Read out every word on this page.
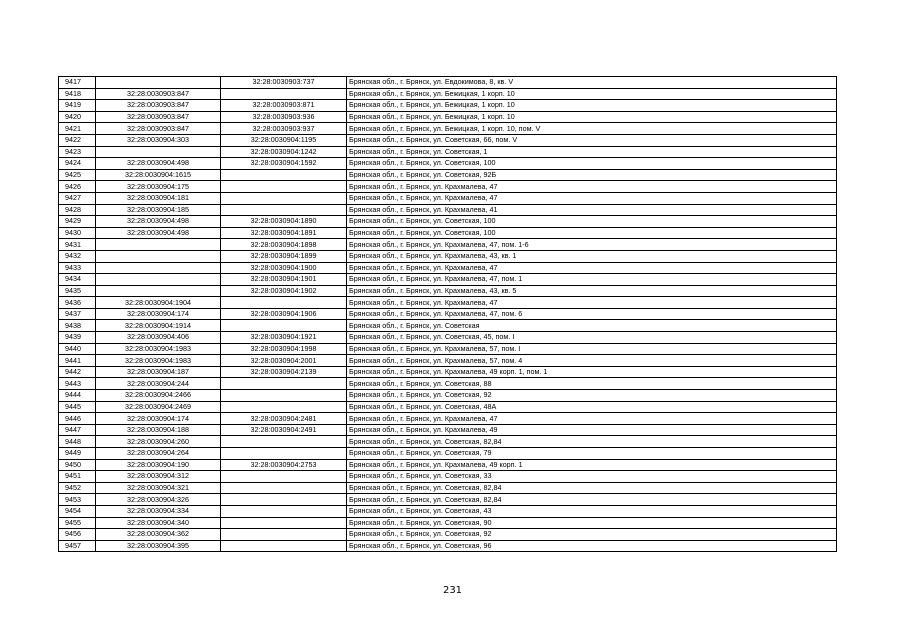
9417		32:28:0030903:737	Брянская обл., г. Брянск, ул. Евдокимова, 8, кв. V
9418	32:28:0030903:847		Брянская обл., г. Брянск, ул. Бежицкая, 1 корп. 10
9419	32:28:0030903:847	32:28:0030903:871	Брянская обл., г. Брянск, ул. Бежицкая, 1 корп. 10
9420	32:28:0030903:847	32:28:0030903:936	Брянская обл., г. Брянск, ул. Бежицкая, 1 корп. 10
9421	32:28:0030903:847	32:28:0030903:937	Брянская обл., г. Брянск, ул. Бежицкая, 1 корп. 10, пом. V
9422	32:28:0030904:303	32:28:0030904:1195	Брянская обл., г. Брянск, ул. Советская, 66, пом. V
9423		32:28:0030904:1242	Брянская обл., г. Брянск, ул. Советская, 1
9424	32:28:0030904:498	32:28:0030904:1592	Брянская обл., г. Брянск, ул. Советская, 100
9425	32:28:0030904:1615		Брянская обл., г. Брянск, ул. Советская, 92Б
9426	32:28:0030904:175		Брянская обл., г. Брянск, ул. Крахмалева, 47
9427	32:28:0030904:181		Брянская обл., г. Брянск, ул. Крахмалева, 47
9428	32:28:0030904:185		Брянская обл., г. Брянск, ул. Крахмалева, 41
9429	32:28:0030904:498	32:28:0030904:1890	Брянская обл., г. Брянск, ул. Советская, 100
9430	32:28:0030904:498	32:28:0030904:1891	Брянская обл., г. Брянск, ул. Советская, 100
9431		32:28:0030904:1898	Брянская обл., г. Брянск, ул. Крахмалева, 47, пом. 1-6
9432		32:28:0030904:1899	Брянская обл., г. Брянск, ул. Крахмалева, 43, кв. 1
9433		32:28:0030904:1900	Брянская обл., г. Брянск, ул. Крахмалева, 47
9434		32:28:0030904:1901	Брянская обл., г. Брянск, ул. Крахмалева, 47, пом. 1
9435		32:28:0030904:1902	Брянская обл., г. Брянск, ул. Крахмалева, 43, кв. 5
9436	32:28:0030904:1904		Брянская обл., г. Брянск, ул. Крахмалева, 47
9437	32:28:0030904:174	32:28:0030904:1906	Брянская обл., г. Брянск, ул. Крахмалева, 47, пом. 6
9438	32:28:0030904:1914		Брянская обл., г. Брянск, ул. Советская
9439	32:28:0030904:406	32:28:0030904:1921	Брянская обл., г. Брянск, ул. Советская, 45, пом. I
9440	32:28:0030904:1983	32:28:0030904:1998	Брянская обл., г. Брянск, ул. Крахмалева, 57, пом. I
9441	32:28:0030904:1983	32:28:0030904:2001	Брянская обл., г. Брянск, ул. Крахмалева, 57, пом. 4
9442	32:28:0030904:187	32:28:0030904:2139	Брянская обл., г. Брянск, ул. Крахмалева, 49 корп. 1, пом. 1
9443	32:28:0030904:244		Брянская обл., г. Брянск, ул. Советская, 88
9444	32:28:0030904:2466		Брянская обл., г. Брянск, ул. Советская, 92
9445	32:28:0030904:2469		Брянская обл., г. Брянск, ул. Советская, 48А
9446	32:28:0030904:174	32:28:0030904:2481	Брянская обл., г. Брянск, ул. Крахмалева, 47
9447	32:28:0030904:188	32:28:0030904:2491	Брянская обл., г. Брянск, ул. Крахмалева, 49
9448	32:28:0030904:260		Брянская обл., г. Брянск, ул. Советская, 82,84
9449	32:28:0030904:264		Брянская обл., г. Брянск, ул. Советская, 79
9450	32:28:0030904:190	32:28:0030904:2753	Брянская обл., г. Брянск, ул. Крахмалева, 49 корп. 1
9451	32:28:0030904:312		Брянская обл., г. Брянск, ул. Советская, 33
9452	32:28:0030904:321		Брянская обл., г. Брянск, ул. Советская, 82,84
9453	32:28:0030904:326		Брянская обл., г. Брянск, ул. Советская, 82,84
9454	32:28:0030904:334		Брянская обл., г. Брянск, ул. Советская, 43
9455	32:28:0030904:340		Брянская обл., г. Брянск, ул. Советская, 90
9456	32:28:0030904:362		Брянская обл., г. Брянск, ул. Советская, 92
9457	32:28:0030904:395		Брянская обл., г. Брянск, ул. Советская, 96
231
